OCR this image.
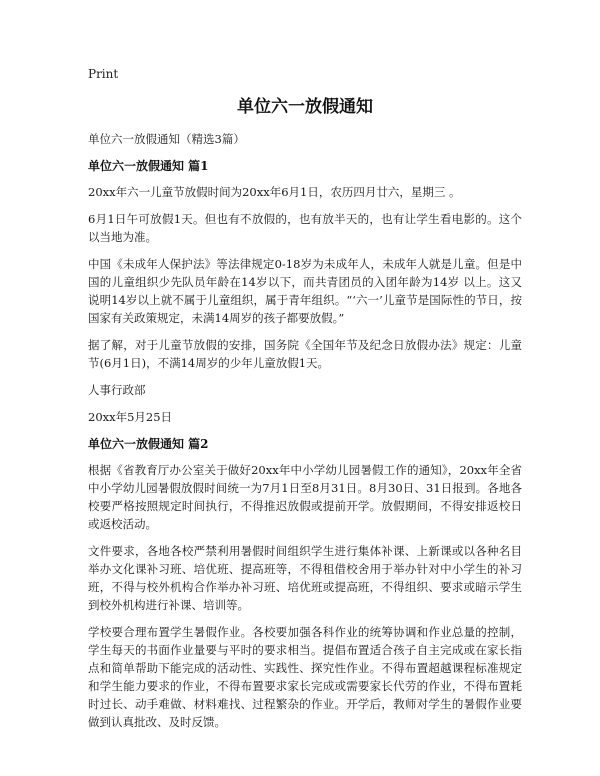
Print
单位六一放假通知

单位六一放假通知（精选3篇）

单位六一放假通知 篇1

20xx年六一儿童节放假时间为20xx年6月1日，农历四月廿六，星期三 。

6月1日午可放假1天。但也有不放假的，也有放半天的，也有让学生看电影的。这个以当地为准。

中国《未成年人保护法》等法律规定0-18岁为未成年人，未成年人就是儿童。但是中国的儿童组织少先队员年龄在14岁以下，而共青团员的入团年龄为14岁 以上。这又说明14岁以上就不属于儿童组织，属于青年组织。“‘六一’儿童节是国际性的节日，按国家有关政策规定，未满14周岁的孩子都要放假。”

据了解，对于儿童节放假的安排，国务院《全国年节及纪念日放假办法》规定：儿童节(6月1日)，不满14周岁的少年儿童放假1天。

人事行政部

20xx年5月25日

单位六一放假通知 篇2

根据《省教育厅办公室关于做好20xx年中小学幼儿园暑假工作的通知》，20xx年全省中小学幼儿园暑假放假时间统一为7月1日至8月31日。8月30日、31日报到。各地各校要严格按照规定时间执行，不得推迟放假或提前开学。放假期间，不得安排返校日或返校活动。

文件要求，各地各校严禁利用暑假时间组织学生进行集体补课、上新课或以各种名目举办文化课补习班、培优班、提高班等，不得租借校舍用于举办针对中小学生的补习班，不得与校外机构合作举办补习班、培优班或提高班，不得组织、要求或暗示学生到校外机构进行补课、培训等。

学校要合理布置学生暑假作业。各校要加强各科作业的统筹协调和作业总量的控制，学生每天的书面作业量要与平时的要求相当。提倡布置适合孩子自主完成或在家长指点和简单帮助下能完成的活动性、实践性、探究性作业。不得布置超越课程标准规定和学生能力要求的作业，不得布置要求家长完成或需要家长代劳的作业，不得布置耗时过长、动手难做、材料难找、过程繁杂的作业。开学后，教师对学生的暑假作业要做到认真批改、及时反馈。
